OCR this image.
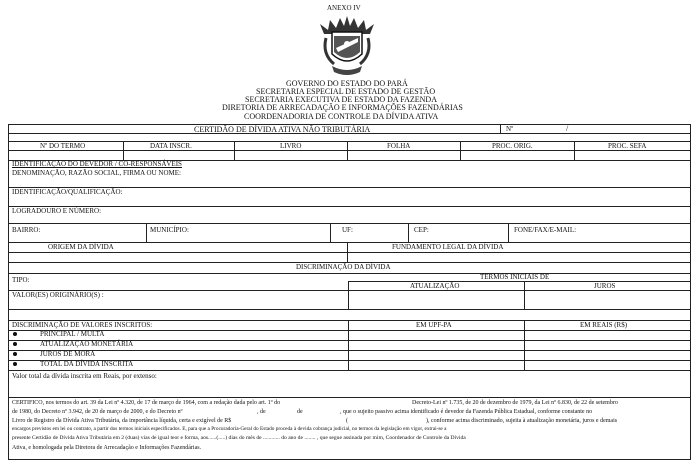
ANEXO IV
GOVERNO DO ESTADO DO PARÁ
SECRETARIA ESPECIAL DE ESTADO DE GESTÃO
SECRETARIA EXECUTIVA DE ESTADO DA FAZENDA
DIRETORIA DE ARRECADAÇÃO E INFORMAÇÕES FAZENDÁRIAS
COORDENADORIA DE CONTROLE DA DÍVIDA ATIVA
CERTIDÃO DE DÍVIDA ATIVA NÃO TRIBUTÁRIA	Nº	/
Nº DO TERMO	DATA INSCR.	LIVRO	FOLHA	PROC. ORIG.	PROC. SEFA
IDENTIFICAÇÃO DO DEVEDOR / CO-RESPONSÁVEIS
DENOMINAÇÃO, RAZÃO SOCIAL, FIRMA OU NOME:
IDENTIFICAÇÃO/QUALIFICAÇÃO:
LOGRADOURO E NÚMERO:
BAIRRO:	MUNICÍPIO:	UF:	CEP:	FONE/FAX/E-MAIL:
ORIGEM DA DÍVIDA	FUNDAMENTO LEGAL DA DÍVIDA
DISCRIMINAÇÃO DA DÍVIDA
TIPO:	TERMOS INICIAIS DE
ATUALIZAÇÃO	JUROS
VALOR(ES) ORIGINÁRIO(S) :
DISCRIMINAÇÃO DE VALORES INSCRITOS:	EM UPF-PA	EM REAIS (R$)
PRINCIPAL / MULTA
ATUALIZAÇÃO MONETÁRIA
JUROS DE MORA
TOTAL DA DÍVIDA INSCRITA
Valor total da dívida inscrita em Reais, por extenso:
CERTIFICO, nos termos do art. 39 da Lei nº 4.320, de 17 de março de 1964, com a redação dada pelo art. 1º do	Decreto-Lei nº 1.735, de 20 de dezembro de 1979, da Lei nº 6.830, de 22 de setembro
de 1980, do Decreto nº 3.942, de 20 de março de 2000, e do Decreto nº	, de	de	, que o sujeito passivo acima identificado é devedor da Fazenda Pública Estadual, conforme constante no
Livro de Registro da Dívida Ativa Tributária, da importância líquida, certa e exigível de R$	(	), conforme acima discriminado, sujeita à atualização monetária, juros e demais
encargos previstos em lei ou contrato, a partir dos termos iniciais especificados. E, para que a Procuradoria-Geral do Estado proceda à devida cobrança judicial, no termos da legislação em vigor, extrai-se a
presente Certidão de Dívida Ativa Tributária em 2 (duas) vias de igual teor e forma, aos......(.....) dias do mês de ............ do ano de ........ , que segue assinada por mim, Coordenador de Controle da Dívida
Ativa, e homologada pela Diretora de Arrecadação e Informações Fazendárias.
